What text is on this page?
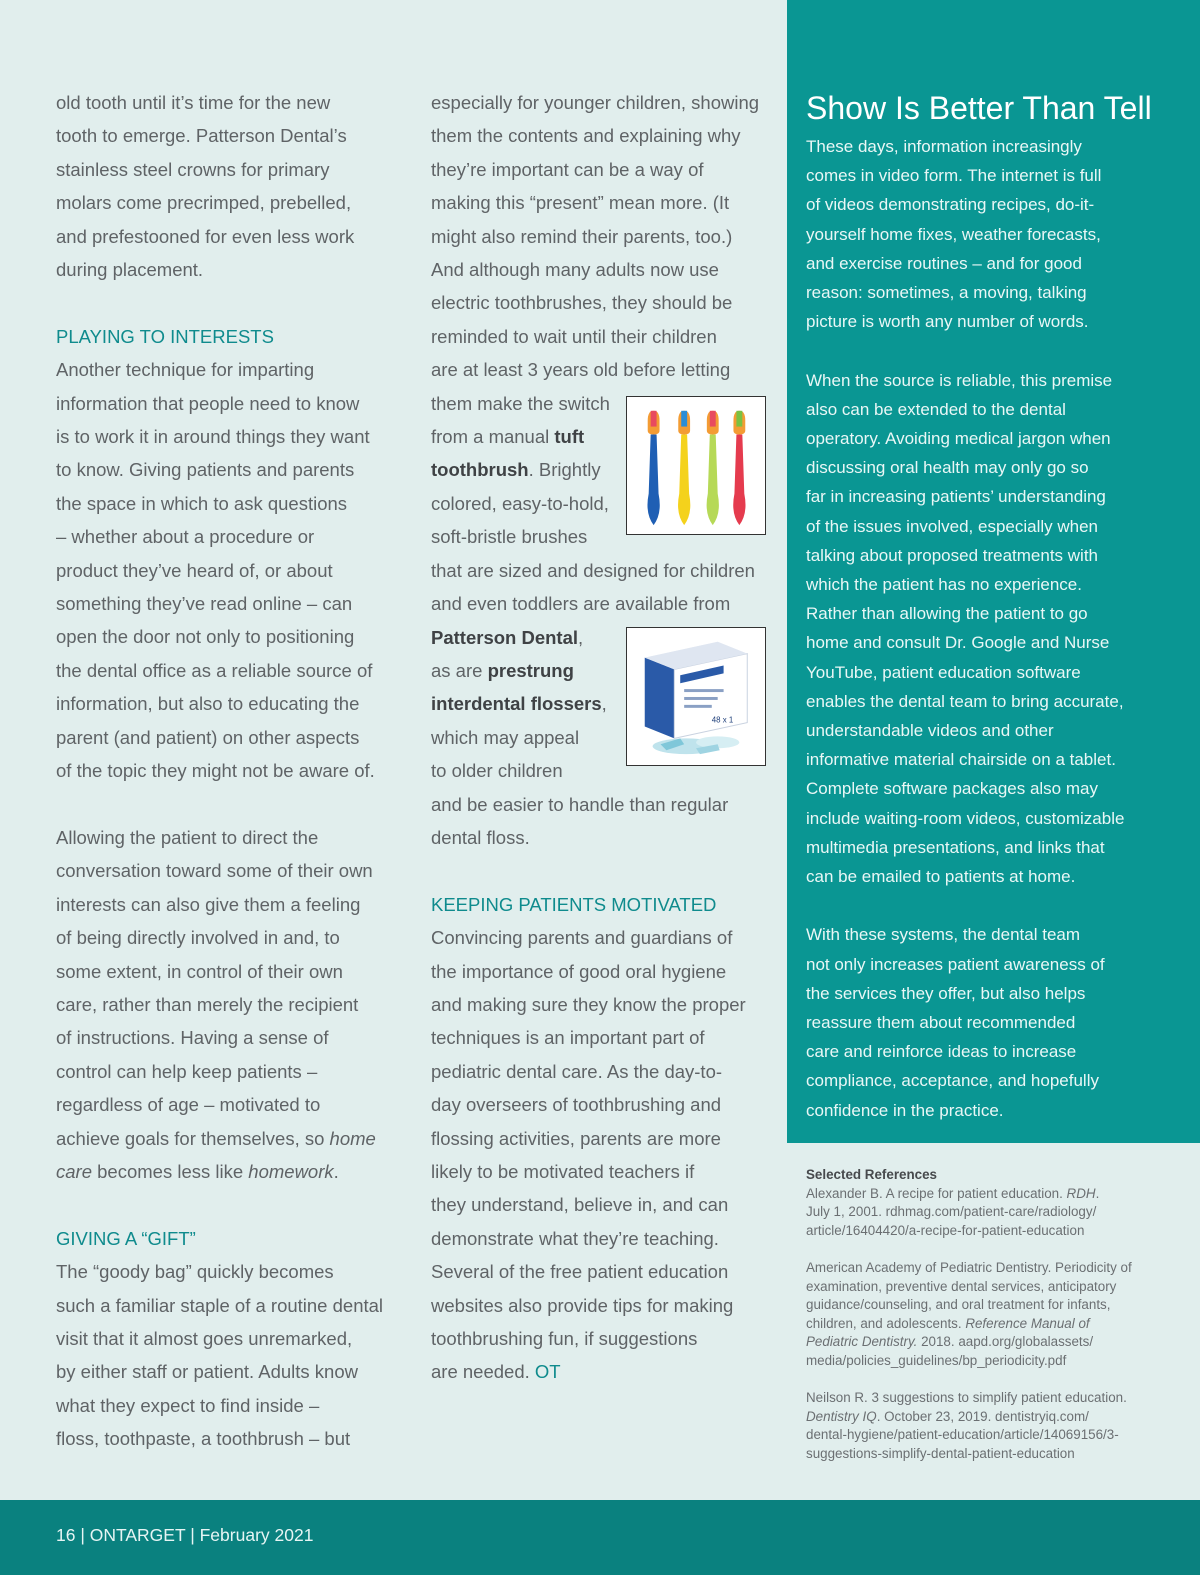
old tooth until it’s time for the new
tooth to emerge. Patterson Dental’s
stainless steel crowns for primary
molars come precrimped, prebelled,
and prefestooned for even less work
during placement.
PLAYING TO INTERESTS
Another technique for imparting
information that people need to know
is to work it in around things they want
to know. Giving patients and parents
the space in which to ask questions
– whether about a procedure or
product they’ve heard of, or about
something they’ve read online – can
open the door not only to positioning
the dental office as a reliable source of
information, but also to educating the
parent (and patient) on other aspects
of the topic they might not be aware of.
Allowing the patient to direct the
conversation toward some of their own
interests can also give them a feeling
of being directly involved in and, to
some extent, in control of their own
care, rather than merely the recipient
of instructions. Having a sense of
control can help keep patients –
regardless of age – motivated to
achieve goals for themselves, so home
care becomes less like homework.
GIVING A “GIFT”
The “goody bag” quickly becomes
such a familiar staple of a routine dental
visit that it almost goes unremarked,
by either staff or patient. Adults know
what they expect to find inside –
floss, toothpaste, a toothbrush – but
especially for younger children, showing
them the contents and explaining why
they’re important can be a way of
making this “present” mean more. (It
might also remind their parents, too.)
And although many adults now use
electric toothbrushes, they should be
reminded to wait until their children
are at least 3 years old before letting
them make the switch
from a manual tuft
toothbrush. Brightly
colored, easy-to-hold,
soft-bristle brushes
that are sized and designed for children
and even toddlers are available from
Patterson Dental,
as are prestrung
interdental flossers,
which may appeal
to older children
and be easier to handle than regular
dental floss.
KEEPING PATIENTS MOTIVATED
Convincing parents and guardians of
the importance of good oral hygiene
and making sure they know the proper
techniques is an important part of
pediatric dental care. As the day-to-
day overseers of toothbrushing and
flossing activities, parents are more
likely to be motivated teachers if
they understand, believe in, and can
demonstrate what they’re teaching.
Several of the free patient education
websites also provide tips for making
toothbrushing fun, if suggestions
are needed. OT
48 x 1
Show Is Better Than Tell
These days, information increasingly
comes in video form. The internet is full
of videos demonstrating recipes, do-it-
yourself home fixes, weather forecasts,
and exercise routines – and for good
reason: sometimes, a moving, talking
picture is worth any number of words.
When the source is reliable, this premise
also can be extended to the dental
operatory. Avoiding medical jargon when
discussing oral health may only go so
far in increasing patients’ understanding
of the issues involved, especially when
talking about proposed treatments with
which the patient has no experience.
Rather than allowing the patient to go
home and consult Dr. Google and Nurse
YouTube, patient education software
enables the dental team to bring accurate,
understandable videos and other
informative material chairside on a tablet.
Complete software packages also may
include waiting-room videos, customizable
multimedia presentations, and links that
can be emailed to patients at home.
With these systems, the dental team
not only increases patient awareness of
the services they offer, but also helps
reassure them about recommended
care and reinforce ideas to increase
compliance, acceptance, and hopefully
confidence in the practice.

Selected References

Alexander B. A recipe for patient education. RDH.
July 1, 2001. rdhmag.com/patient-care/radiology/
article/16404420/a-recipe-for-patient-education
American Academy of Pediatric Dentistry. Periodicity of
examination, preventive dental services, anticipatory
guidance/counseling, and oral treatment for infants,
children, and adolescents. Reference Manual of
Pediatric Dentistry. 2018. aapd.org/globalassets/
media/policies_guidelines/bp_periodicity.pdf
Neilson R. 3 suggestions to simplify patient education.
Dentistry IQ. October 23, 2019. dentistryiq.com/
dental-hygiene/patient-education/article/14069156/3-
suggestions-simplify-dental-patient-education
16 | ONTARGET | February 2021
